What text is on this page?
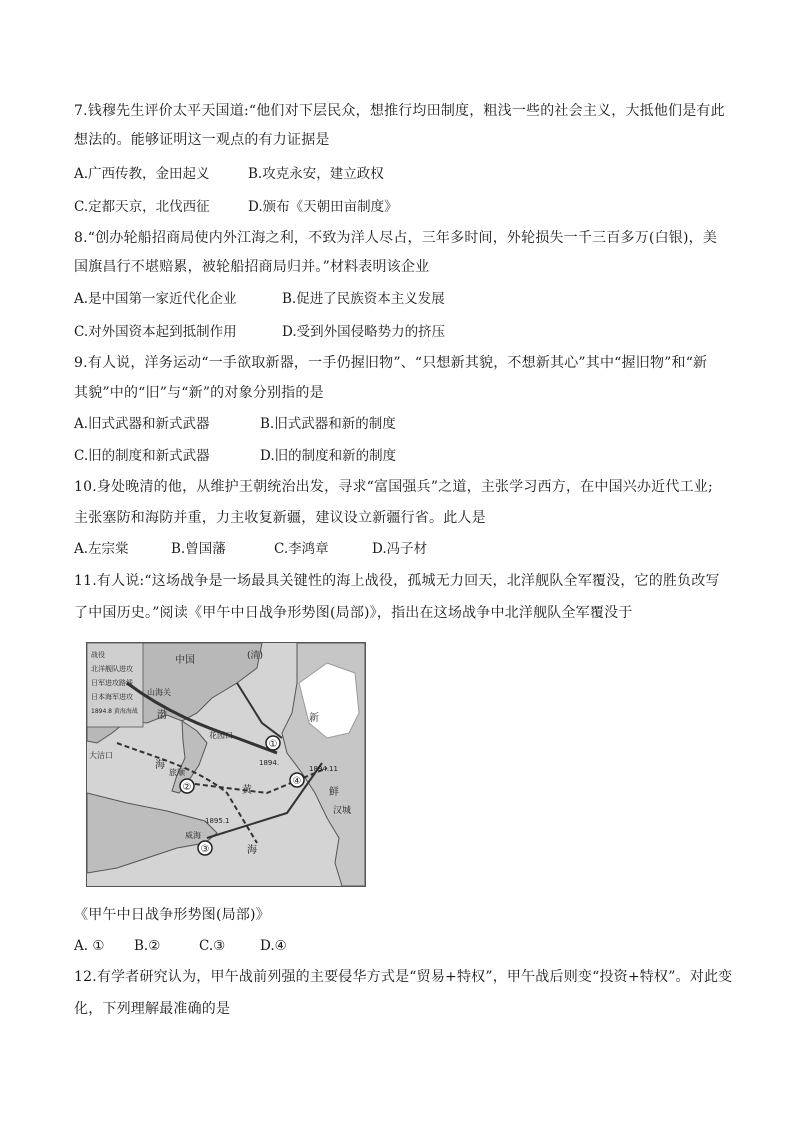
7.钱穆先生评价太平天国道:“他们对下层民众，想推行均田制度，粗浅一些的社会主义，大抵他们是有此
想法的。能够证明这一观点的有力证据是
A.广西传教，金田起义	B.攻克永安，建立政权
C.定都天京，北伐西征	D.颁布《天朝田亩制度》
8.“创办轮船招商局使内外江海之利，不致为洋人尽占，三年多时间，外轮损失一千三百多万(白银)，美
国旗昌行不堪赔累，被轮船招商局归并。”材料表明该企业
A.是中国第一家近代化企业	B.促进了民族资本主义发展
C.对外国资本起到抵制作用	D.受到外国侵略势力的挤压
9.有人说，洋务运动“一手欲取新器，一手仍握旧物”、“只想新其貌，不想新其心”其中“握旧物”和“新
其貌”中的“旧”与“新”的对象分别指的是
A.旧式武器和新式武器	B.旧式武器和新的制度
C.旧的制度和新式武器	D.旧的制度和新的制度
10.身处晚清的他，从维护王朝统治出发，寻求“富国强兵”之道，主张学习西方，在中国兴办近代工业;
主张塞防和海防并重，力主收复新疆，建议设立新疆行省。此人是
A.左宗棠	B.曾国藩	C.李鸿章	D.冯子材
11.有人说:“这场战争是一场最具关键性的海上战役，孤城无力回天，北洋舰队全军覆没，它的胜负改写
了中国历史。”阅读《甲午中日战争形势图(局部)》，指出在这场战争中北洋舰队全军覆没于
①
②
③
④
中国	(清)
新
山海关
渤
海
黄
海
鲜
汉城
大沽口
旅顺
威海
花园口
1894.
1894.11
1895.1
战役
北洋舰队进攻
日军进攻路线
日本海军进攻
1894.8 黄海海战
《甲午中日战争形势图(局部)》
A. ① B.②	C.③	D.④
12.有学者研究认为，甲午战前列强的主要侵华方式是“贸易+特权”，甲午战后则变“投资+特权”。对此变
化，下列理解最准确的是
